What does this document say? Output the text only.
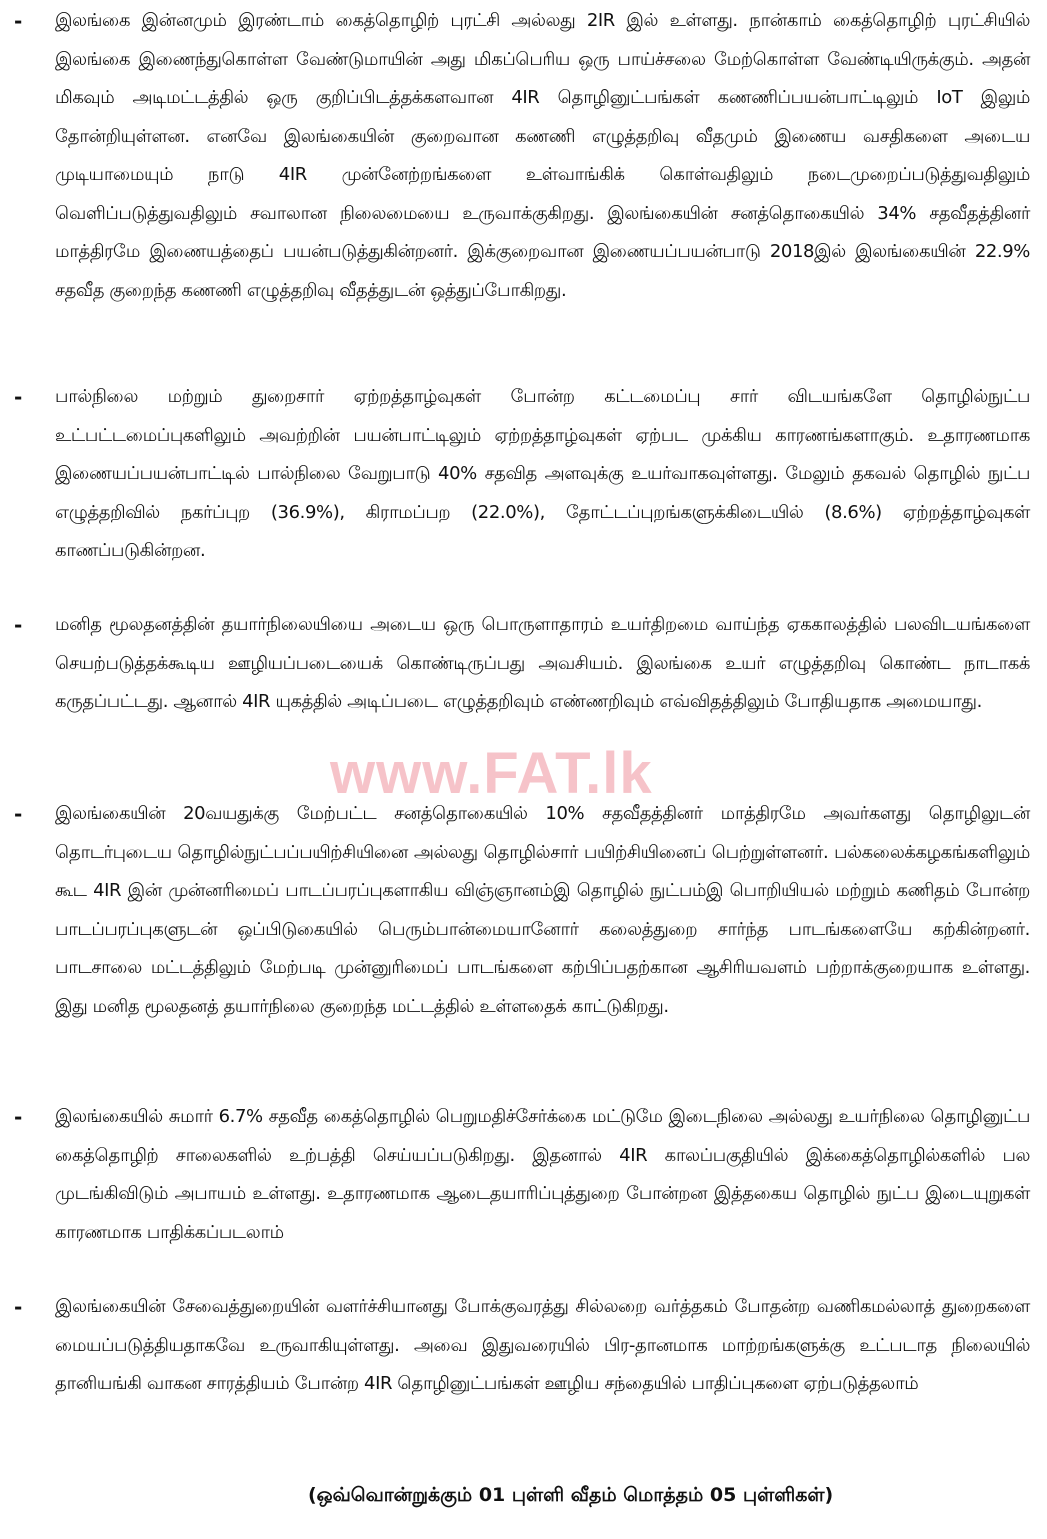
- இலங்கை இன்னமும் இரண்டாம் கைத்தொழிற் புரட்சி அல்லது 2IR இல் உள்ளது. நான்காம் கைத்தொழிற் புரட்சியில் இலங்கை இணைந்துகொள்ள வேண்டுமாயின் அது மிகப்பெரிய ஒரு பாய்ச்சலை மேற்கொள்ள வேண்டியிருக்கும். அதன் மிகவும் அடிமட்டத்தில் ஒரு குறிப்பிடத்தக்களவான 4IR தொழினுட்பங்கள் கணணிப்பயன்பாட்டிலும் IoT இலும் தோன்றியுள்ளன. எனவே இலங்கையின் குறைவான கணணி எழுத்தறிவு வீதமும் இணைய வசதிகளை அடைய முடியாமையும் நாடு 4IR முன்னேற்றங்களை உள்வாங்கிக் கொள்வதிலும் நடைமுறைப்படுத்துவதிலும் வெளிப்படுத்துவதிலும் சவாலான நிலைமையை உருவாக்குகிறது. இலங்கையின் சனத்தொகையில் 34% சதவீதத்தினர் மாத்திரமே இணையத்தைப் பயன்படுத்துகின்றனர். இக்குறைவான இணையப்பயன்பாடு 2018இல் இலங்கையின் 22.9% சதவீத குறைந்த கணணி எழுத்தறிவு வீதத்துடன் ஒத்துப்போகிறது.
- பால்நிலை மற்றும் துறைசார் ஏற்றத்தாழ்வுகள் போன்ற கட்டமைப்பு சார் விடயங்களே தொழில்நுட்ப உட்பட்டமைப்புகளிலும் அவற்றின் பயன்பாட்டிலும் ஏற்றத்தாழ்வுகள் ஏற்பட முக்கிய காரணங்களாகும். உதாரணமாக இணையப்பயன்பாட்டில் பால்நிலை வேறுபாடு 40% சதவித அளவுக்கு உயர்வாகவுள்ளது. மேலும் தகவல் தொழில் நுட்ப எழுத்தறிவில் நகர்ப்புற (36.9%), கிராமப்பற (22.0%), தோட்டப்புறங்களுக்கிடையில் (8.6%) ஏற்றத்தாழ்வுகள் காணப்படுகின்றன.
- மனித மூலதனத்தின் தயார்நிலையியை அடைய ஒரு பொருளாதாரம் உயர்திறமை வாய்ந்த ஏககாலத்தில் பலவிடயங்களை செயற்படுத்தக்கூடிய ஊழியப்படையைக் கொண்டிருப்பது அவசியம். இலங்கை உயர் எழுத்தறிவு கொண்ட நாடாகக் கருதப்பட்டது. ஆனால் 4IR யுகத்தில் அடிப்படை எழுத்தறிவும் எண்ணறிவும் எவ்விதத்திலும் போதியதாக அமையாது.
www.FAT.lk
- இலங்கையின் 20வயதுக்கு மேற்பட்ட சனத்தொகையில் 10% சதவீதத்தினர் மாத்திரமே அவர்களது தொழிலுடன் தொடர்புடைய தொழில்நுட்பப்பயிற்சியினை அல்லது தொழில்சார் பயிற்சியினைப் பெற்றுள்ளனர். பல்கலைக்கழகங்களிலும் கூட 4IR இன் முன்னரிமைப் பாடப்பரப்புகளாகிய விஞ்ஞானம்இ தொழில் நுட்பம்இ பொறியியல் மற்றும் கணிதம் போன்ற பாடப்பரப்புகளுடன் ஒப்பிடுகையில் பெரும்பான்மையானோர் கலைத்துறை சார்ந்த பாடங்களையே கற்கின்றனர். பாடசாலை மட்டத்திலும் மேற்படி முன்னுரிமைப் பாடங்களை கற்பிப்பதற்கான ஆசிரியவளம் பற்றாக்குறையாக உள்ளது. இது மனித மூலதனத் தயார்நிலை குறைந்த மட்டத்தில் உள்ளதைக் காட்டுகிறது.
- இலங்கையில் சுமார் 6.7% சதவீத கைத்தொழில் பெறுமதிச்சேர்க்கை மட்டுமே இடைநிலை அல்லது உயர்நிலை தொழினுட்ப கைத்தொழிற் சாலைகளில் உற்பத்தி செய்யப்படுகிறது. இதனால் 4IR காலப்பகுதியில் இக்கைத்தொழில்களில் பல முடங்கிவிடும் அபாயம் உள்ளது. உதாரணமாக ஆடைதயாரிப்புத்துறை போன்றன இத்தகைய தொழில் நுட்ப இடையுறுகள் காரணமாக பாதிக்கப்படலாம்
- இலங்கையின் சேவைத்துறையின் வளர்ச்சியானது போக்குவரத்து சில்லறை வர்த்தகம் போதன்ற வணிகமல்லாத் துறைகளை மையப்படுத்தியதாகவே உருவாகியுள்ளது. அவை இதுவரையில் பிர-தானமாக மாற்றங்களுக்கு உட்படாத நிலையில் தானியங்கி வாகன சாரத்தியம் போன்ற 4IR தொழினுட்பங்கள் ஊழிய சந்தையில் பாதிப்புகளை ஏற்படுத்தலாம்
(ஒவ்வொன்றுக்கும் 01 புள்ளி வீதம் மொத்தம் 05 புள்ளிகள்)
